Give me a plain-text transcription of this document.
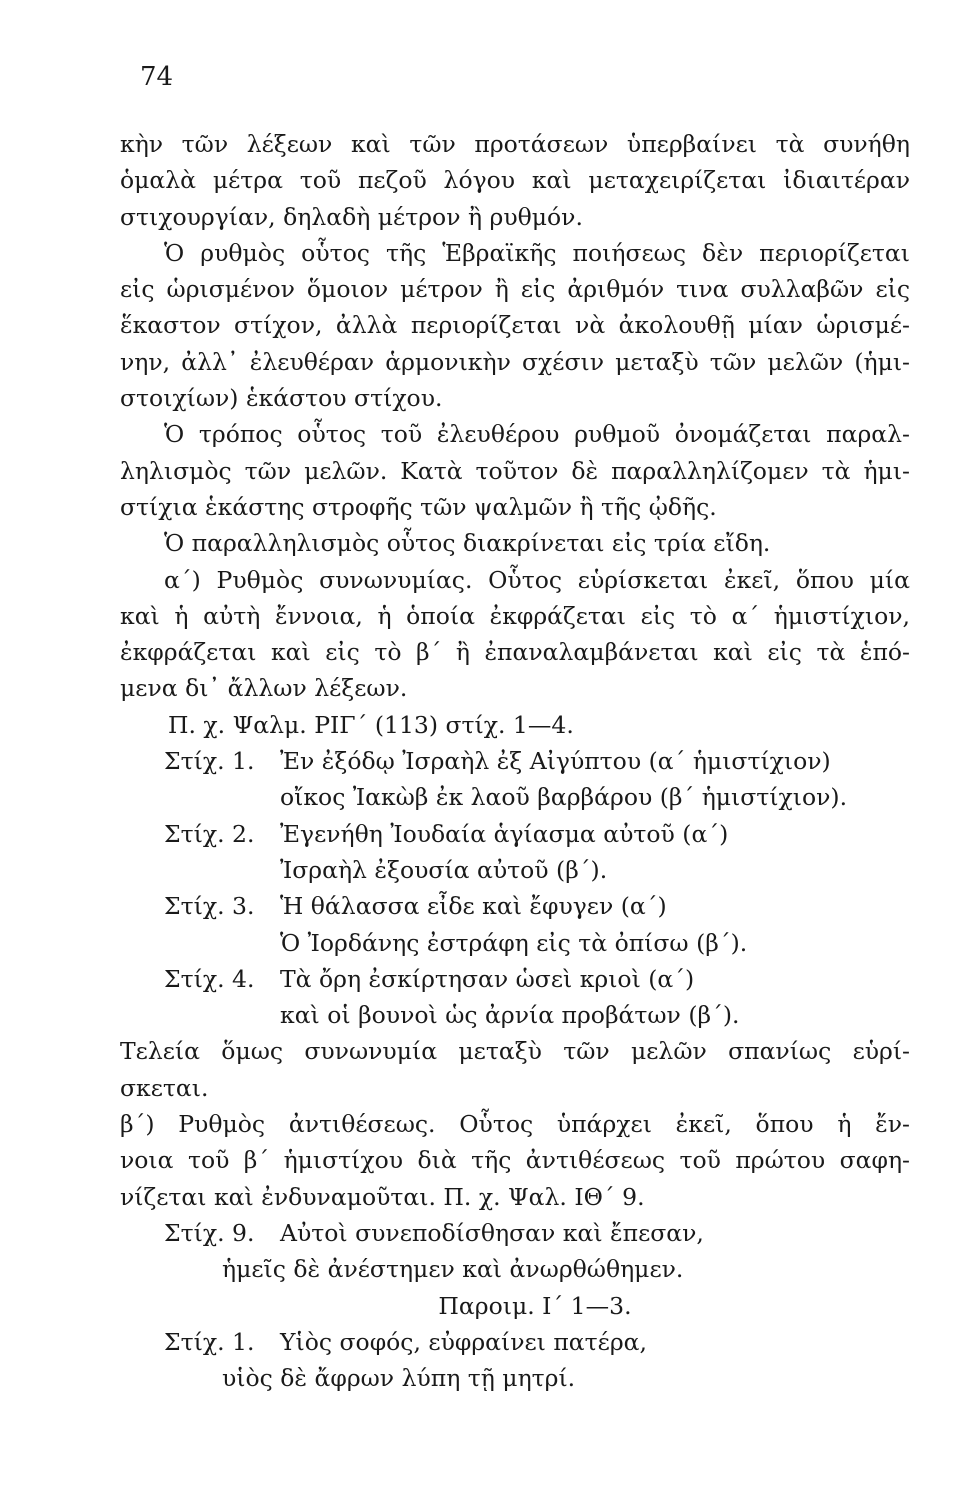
74
κὴν τῶν λέξεων καὶ τῶν προτάσεων ὑπερβαίνει τὰ συνήθη
ὁμαλὰ μέτρα τοῦ πεζοῦ λόγου καὶ μεταχειρίζεται ἰδιαιτέραν
στιχουργίαν, δηλαδὴ μέτρον ἢ ρυθμόν.
Ὁ ρυθμὸς οὗτος τῆς Ἑβραϊκῆς ποιήσεως δὲν περιορίζεται
εἰς ὡρισμένον ὅμοιον μέτρον ἢ εἰς ἀριθμόν τινα συλλαβῶν εἰς
ἕκαστον στίχον, ἀλλὰ περιορίζεται νὰ ἀκολουθῇ μίαν ὡρισμέ-
νην, ἀλλ᾽ ἐλευθέραν ἁρμονικὴν σχέσιν μεταξὺ τῶν μελῶν (ἡμι-
στοιχίων) ἑκάστου στίχου.
Ὁ τρόπος οὗτος τοῦ ἐλευθέρου ρυθμοῦ ὀνομάζεται παραλ-
ληλισμὸς τῶν μελῶν. Κατὰ τοῦτον δὲ παραλληλίζομεν τὰ ἡμι-
στίχια ἑκάστης στροφῆς τῶν ψαλμῶν ἢ τῆς ᾠδῆς.
Ὁ παραλληλισμὸς οὗτος διακρίνεται εἰς τρία εἴδη.
α΄) Ρυθμὸς συνωνυμίας. Οὗτος εὑρίσκεται ἐκεῖ, ὅπου μία
καὶ ἡ αὐτὴ ἔννοια, ἡ ὁποία ἐκφράζεται εἰς τὸ α΄ ἡμιστίχιον,
ἐκφράζεται καὶ εἰς τὸ β΄ ἢ ἐπαναλαμβάνεται καὶ εἰς τὰ ἑπό-
μενα δι᾽ ἄλλων λέξεων.
Π. χ. Ψαλμ. ΡΙΓ΄ (113) στίχ. 1—4.
Στίχ. 1.	Ἐν ἐξόδῳ Ἰσραὴλ ἐξ Αἰγύπτου (α΄ ἡμιστίχιον)
οἴκος Ἰακὼβ ἐκ λαοῦ βαρβάρου (β΄ ἡμιστίχιον).
Στίχ. 2.	Ἐγενήθη Ἰουδαία ἁγίασμα αὐτοῦ (α΄)
Ἰσραὴλ ἐξουσία αὐτοῦ (β΄).
Στίχ. 3.	Ἡ θάλασσα εἶδε καὶ ἔφυγεν (α΄)
Ὁ Ἰορδάνης ἐστράφη εἰς τὰ ὀπίσω (β΄).
Στίχ. 4.	Τὰ ὄρη ἐσκίρτησαν ὡσεὶ κριοὶ (α΄)
καὶ οἱ βουνοὶ ὡς ἀρνία προβάτων (β΄).
Τελεία ὅμως συνωνυμία μεταξὺ τῶν μελῶν σπανίως εὑρί-
σκεται.
β΄) Ρυθμὸς ἀντιθέσεως. Οὗτος ὑπάρχει ἐκεῖ, ὅπου ἡ ἔν-
νοια τοῦ β΄ ἡμιστίχου διὰ τῆς ἀντιθέσεως τοῦ πρώτου σαφη-
νίζεται καὶ ἐνδυναμοῦται. Π. χ. Ψαλ. ΙΘ΄ 9.
Στίχ. 9.	Αὐτοὶ συνεποδίσθησαν καὶ ἔπεσαν,
ἡμεῖς δὲ ἀνέστημεν καὶ ἀνωρθώθημεν.
Παροιμ. Ι΄ 1—3.
Στίχ. 1.	Υἱὸς σοφός, εὐφραίνει πατέρα,
υἱὸς δὲ ἄφρων λύπη τῇ μητρί.
